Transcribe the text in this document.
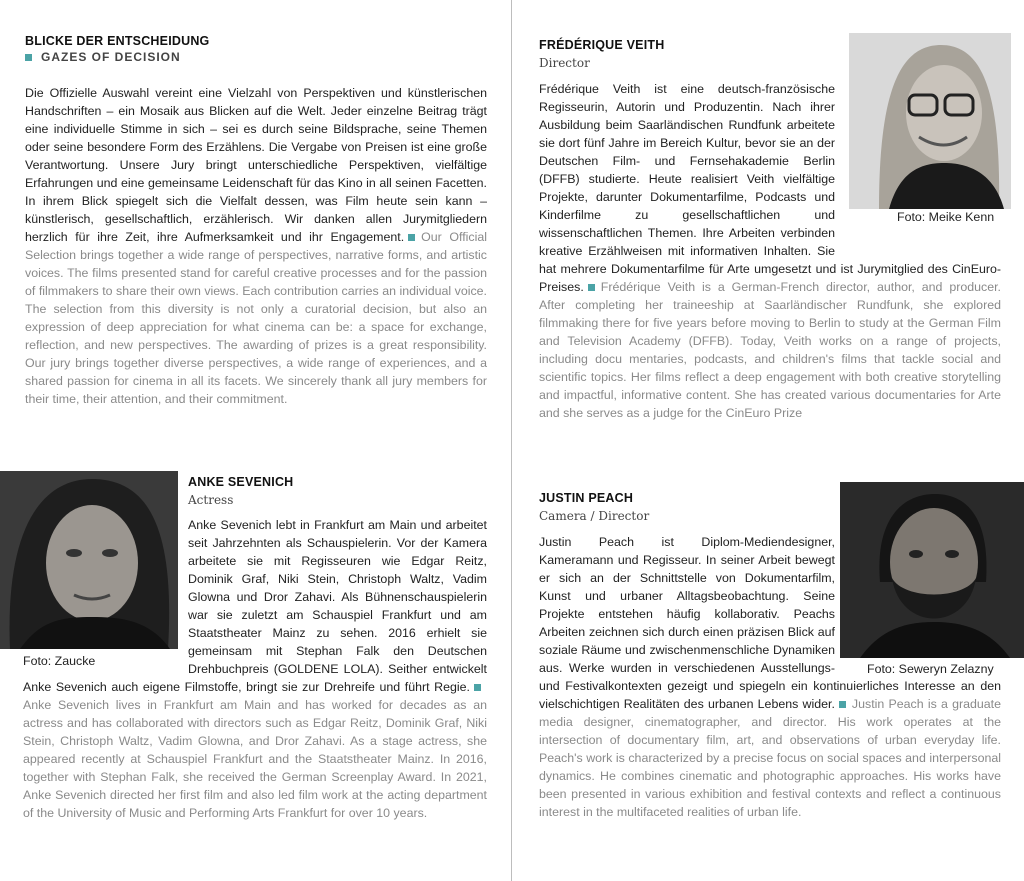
BLICKE DER ENTSCHEIDUNG
GAZES OF DECISION

Die Offizielle Auswahl vereint eine Vielzahl von Perspektiven und künstlerischen Handschriften – ein Mosaik aus Blicken auf die Welt. Jeder einzelne Beitrag trägt eine individuelle Stimme in sich – sei es durch seine Bildsprache, seine Themen oder seine besondere Form des Erzählens. Die Vergabe von Preisen ist eine große Verantwortung. Unsere Jury bringt unterschiedliche Perspektiven, vielfältige Erfahrungen und eine gemeinsame Leidenschaft für das Kino in all seinen Facetten. In ihrem Blick spiegelt sich die Vielfalt dessen, was Film heute sein kann – künstlerisch, gesellschaftlich, erzählerisch. Wir danken allen Jurymitgliedern herzlich für ihre Zeit, ihre Aufmerksamkeit und ihr Engagement. Our Official Selection brings together a wide range of perspectives, narrative forms, and artistic voices. The films presented stand for careful creative processes and for the passion of filmmakers to share their own views. Each contribution carries an individual voice. The selection from this diversity is not only a curatorial decision, but also an expression of deep appreciation for what cinema can be: a space for exchange, reflection, and new perspectives. The awarding of prizes is a great responsibility. Our jury brings together diverse perspectives, a wide range of experiences, and a shared passion for cinema in all its facets. We sincerely thank all jury members for their time, their attention, and their commitment.

FRÉDÉRIQUE VEITH
Director
Frédérique Veith ist eine deutsch-französische Regisseurin, Autorin und Produzentin. Nach ihrer Ausbildung beim Saarländischen Rundfunk arbeitete sie dort fünf Jahre im Bereich Kultur, bevor sie an der Deutschen Film- und Fernsehakademie Berlin (DFFB) studierte. Heute realisiert Veith vielfältige Projekte, darunter Dokumentarfilme, Podcasts und Kinderfilme zu gesellschaftlichen und wissenschaftlichen Themen. Ihre Arbeiten verbinden kreative Erzählweisen mit informativen Inhalten. Sie hat mehrere Dokumentarfilme für Arte umgesetzt und ist Jurymitglied des CinEuro-Preises. Frédérique Veith is a German-French director, author, and producer. After completing her traineeship at Saarländischer Rundfunk, she explored filmmaking there for five years before moving to Berlin to study at the German Film and Television Academy (DFFB). Today, Veith works on a range of projects, including docu mentaries, podcasts, and children's films that tackle social and scientific topics. Her films reflect a deep engagement with both creative storytelling and impactful, informative content. She has created various documentaries for Arte and she serves as a judge for the CinEuro Prize
Foto: Meike Kenn
Foto: Zaucke
ANKE SEVENICH
Actress
Anke Sevenich lebt in Frankfurt am Main und arbeitet seit Jahrzehnten als Schauspielerin. Vor der Kamera arbeitete sie mit Regisseuren wie Edgar Reitz, Dominik Graf, Niki Stein, Christoph Waltz, Vadim Glowna und Dror Zahavi. Als Bühnenschauspielerin war sie zuletzt am Schauspiel Frankfurt und am Staatstheater Mainz zu sehen. 2016 erhielt sie gemeinsam mit Stephan Falk den Deutschen Drehbuchpreis (GOLDENE LOLA). Seither entwickelt Anke Sevenich auch eigene Filmstoffe, bringt sie zur Drehreife und führt Regie.Anke Sevenich lives in Frankfurt am Main and has worked for decades as an actress and has collaborated with directors such as Edgar Reitz, Dominik Graf, Niki Stein, Christoph Waltz, Vadim Glowna, and Dror Zahavi. As a stage actress, she appeared recently at Schauspiel Frankfurt and the Staatstheater Mainz. In 2016, together with Stephan Falk, she received the German Screenplay Award. In 2021, Anke Sevenich directed her first film and also led film work at the acting department of the University of Music and Performing Arts Frankfurt for over 10 years.
JUSTIN PEACH
Camera / Director
Justin Peach ist Diplom-Mediendesigner, Kameramann und Regisseur. In seiner Arbeit bewegt er sich an der Schnittstelle von Dokumentarfilm, Kunst und urbaner Alltagsbeobachtung. Seine Projekte entstehen häufig kollaborativ. Peachs Arbeiten zeichnen sich durch einen präzisen Blick auf soziale Räume und zwischenmenschliche Dynamiken aus. Werke wurden in verschiedenen Ausstellungs- und Festivalkontexten gezeigt und spiegeln ein kontinuierliches Interesse an den vielschichtigen Realitäten des urbanen Lebens wider. Justin Peach is a graduate media designer, cinematographer, and director. His work operates at the intersection of documentary film, art, and observations of urban everyday life. Peach's work is characterized by a precise focus on social spaces and interpersonal dynamics. He combines cinematic and photographic approaches. His works have been presented in various exhibition and festival contexts and reflect a continuous interest in the multifaceted realities of urban life.
Foto: Seweryn Zelazny
